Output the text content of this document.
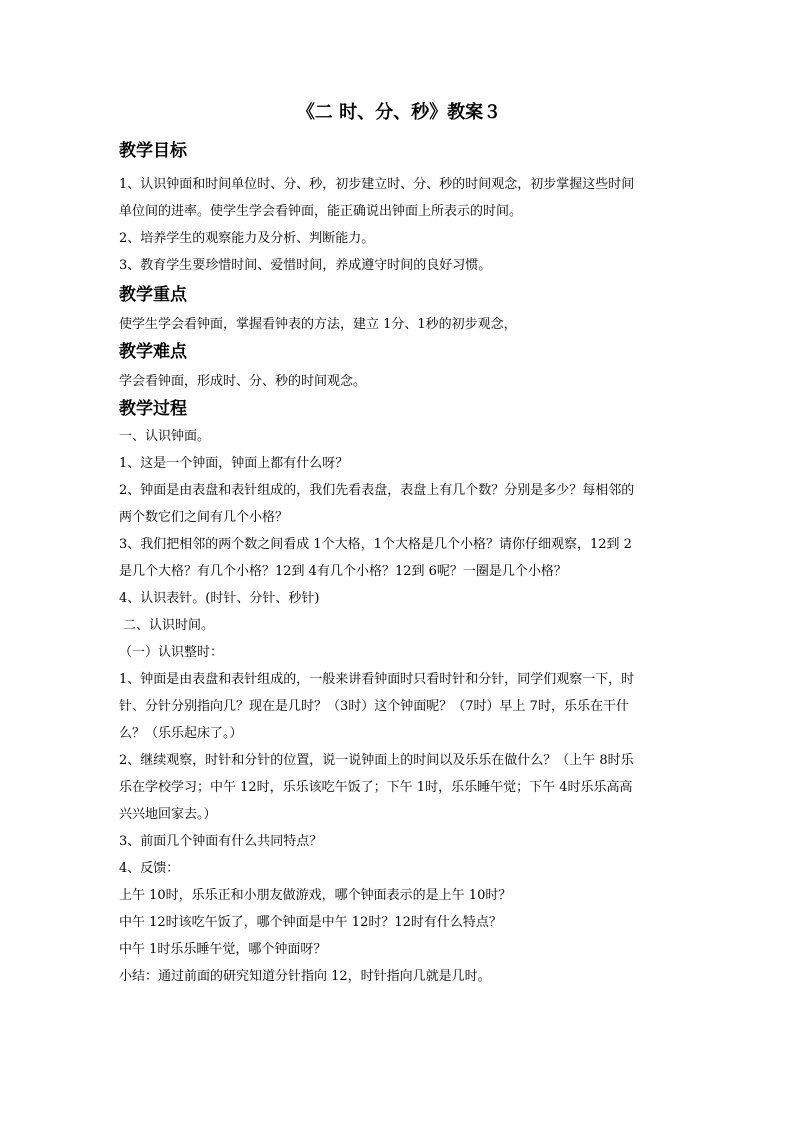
《二 时、分、秒》教案３
教学目标

1、认识钟面和时间单位时、分、秒，初步建立时、分、秒的时间观念，初步掌握这些时间

单位间的进率。使学生学会看钟面，能正确说出钟面上所表示的时间。

2、培养学生的观察能力及分析、判断能力。

3、教育学生要珍惜时间、爱惜时间，养成遵守时间的良好习惯。

教学重点

使学生学会看钟面，掌握看钟表的方法，建立 1分、1秒的初步观念，

教学难点

学会看钟面，形成时、分、秒的时间观念。

教学过程

一、认识钟面。

1、这是一个钟面，钟面上都有什么呀？

2、钟面是由表盘和表针组成的，我们先看表盘，表盘上有几个数？分别是多少？每相邻的

两个数它们之间有几个小格？

3、我们把相邻的两个数之间看成 1个大格，1个大格是几个小格？请你仔细观察，12到 2

是几个大格？有几个小格？12到 4有几个小格？12到 6呢？一圈是几个小格？

4、认识表针。(时针、分针、秒针)

二、认识时间。

（一）认识整时：

1、钟面是由表盘和表针组成的，一般来讲看钟面时只看时针和分针，同学们观察一下，时

针、分针分别指向几？现在是几时？（3时）这个钟面呢？（7时）早上 7时，乐乐在干什

么？（乐乐起床了。）

2、继续观察，时针和分针的位置，说一说钟面上的时间以及乐乐在做什么？（上午 8时乐

乐在学校学习；中午 12时，乐乐该吃午饭了；下午 1时，乐乐睡午觉；下午 4时乐乐高高

兴兴地回家去。）

3、前面几个钟面有什么共同特点？

4、反馈：

上午 10时，乐乐正和小朋友做游戏，哪个钟面表示的是上午 10时？

中午 12时该吃午饭了，哪个钟面是中午 12时？12时有什么特点？

中午 1时乐乐睡午觉，哪个钟面呀？

小结：通过前面的研究知道分针指向 12，时针指向几就是几时。
